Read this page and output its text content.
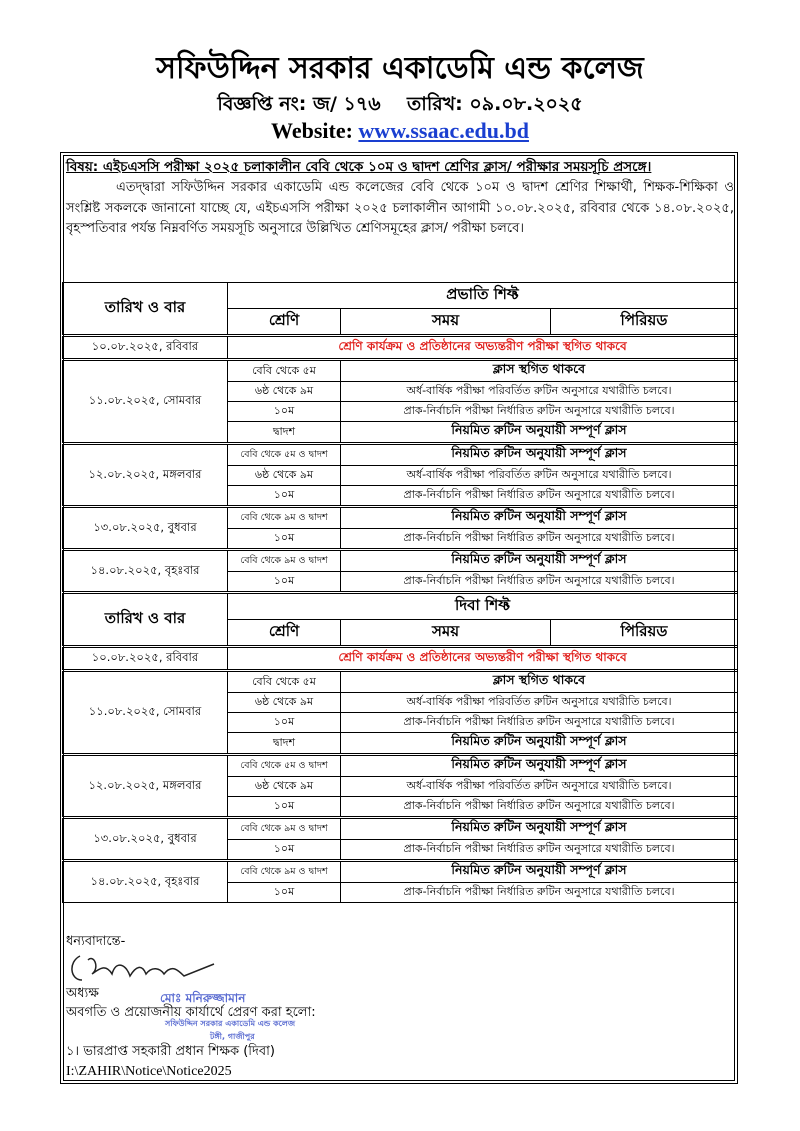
সফিউদ্দিন সরকার একাডেমি এন্ড কলেজ
বিজ্ঞপ্তি নং: জ/ ১৭৬ তারিখ: ০৯.০৮.২০২৫
Website: www.ssaac.edu.bd
বিষয়: এইচএসসি পরীক্ষা ২০২৫ চলাকালীন বেবি থেকে ১০ম ও দ্বাদশ শ্রেণির ক্লাস/ পরীক্ষার সময়সূচি প্রসঙ্গে।
এতদ্দ্বারা সফিউদ্দিন সরকার একাডেমি এন্ড কলেজের বেবি থেকে ১০ম ও দ্বাদশ শ্রেণির শিক্ষার্থী, শিক্ষক-শিক্ষিকা ও সংশ্লিষ্ট সকলকে জানানো যাচ্ছে যে, এইচএসসি পরীক্ষা ২০২৫ চলাকালীন আগামী ১০.০৮.২০২৫, রবিবার থেকে ১৪.০৮.২০২৫, বৃহস্পতিবার পর্যন্ত নিম্নবর্ণিত সময়সূচি অনুসারে উল্লিখিত শ্রেণিসমূহের ক্লাস/ পরীক্ষা চলবে।
তারিখ ও বার	প্রভাতি শিফ্ট		
	শ্রেণি	সময়	পিরিয়ড
১০.০৮.২০২৫, রবিবার	শ্রেণি কার্যক্রম ও প্রতিষ্ঠানের অভ্যন্তরীণ পরীক্ষা স্থগিত থাকবে		
১১.০৮.২০২৫, সোমবার	বেবি থেকে ৫ম	ক্লাস স্থগিত থাকবে	
	৬ষ্ঠ থেকে ৯ম	অর্ধ-বার্ষিক পরীক্ষা পরিবর্তিত রুটিন অনুসারে যথারীতি চলবে।	
	১০ম	প্রাক-নির্বাচনি পরীক্ষা নির্ধারিত রুটিন অনুসারে যথারীতি চলবে।	
	দ্বাদশ	নিয়মিত রুটিন অনুযায়ী সম্পূর্ণ ক্লাস	
১২.০৮.২০২৫, মঙ্গলবার	বেবি থেকে ৫ম ও দ্বাদশ	নিয়মিত রুটিন অনুযায়ী সম্পূর্ণ ক্লাস	
	৬ষ্ঠ থেকে ৯ম	অর্ধ-বার্ষিক পরীক্ষা পরিবর্তিত রুটিন অনুসারে যথারীতি চলবে।	
	১০ম	প্রাক-নির্বাচনি পরীক্ষা নির্ধারিত রুটিন অনুসারে যথারীতি চলবে।	
১৩.০৮.২০২৫, বুধবার	বেবি থেকে ৯ম ও দ্বাদশ	নিয়মিত রুটিন অনুযায়ী সম্পূর্ণ ক্লাস	
	১০ম	প্রাক-নির্বাচনি পরীক্ষা নির্ধারিত রুটিন অনুসারে যথারীতি চলবে।	
১৪.০৮.২০২৫, বৃহঃবার	বেবি থেকে ৯ম ও দ্বাদশ	নিয়মিত রুটিন অনুযায়ী সম্পূর্ণ ক্লাস	
	১০ম	প্রাক-নির্বাচনি পরীক্ষা নির্ধারিত রুটিন অনুসারে যথারীতি চলবে।	
তারিখ ও বার	দিবা শিফ্ট		
	শ্রেণি	সময়	পিরিয়ড
১০.০৮.২০২৫, রবিবার	শ্রেণি কার্যক্রম ও প্রতিষ্ঠানের অভ্যন্তরীণ পরীক্ষা স্থগিত থাকবে		
১১.০৮.২০২৫, সোমবার	বেবি থেকে ৫ম	ক্লাস স্থগিত থাকবে	
	৬ষ্ঠ থেকে ৯ম	অর্ধ-বার্ষিক পরীক্ষা পরিবর্তিত রুটিন অনুসারে যথারীতি চলবে।	
	১০ম	প্রাক-নির্বাচনি পরীক্ষা নির্ধারিত রুটিন অনুসারে যথারীতি চলবে।	
	দ্বাদশ	নিয়মিত রুটিন অনুযায়ী সম্পূর্ণ ক্লাস	
১২.০৮.২০২৫, মঙ্গলবার	বেবি থেকে ৫ম ও দ্বাদশ	নিয়মিত রুটিন অনুযায়ী সম্পূর্ণ ক্লাস	
	৬ষ্ঠ থেকে ৯ম	অর্ধ-বার্ষিক পরীক্ষা পরিবর্তিত রুটিন অনুসারে যথারীতি চলবে।	
	১০ম	প্রাক-নির্বাচনি পরীক্ষা নির্ধারিত রুটিন অনুসারে যথারীতি চলবে।	
১৩.০৮.২০২৫, বুধবার	বেবি থেকে ৯ম ও দ্বাদশ	নিয়মিত রুটিন অনুযায়ী সম্পূর্ণ ক্লাস	
	১০ম	প্রাক-নির্বাচনি পরীক্ষা নির্ধারিত রুটিন অনুসারে যথারীতি চলবে।	
১৪.০৮.২০২৫, বৃহঃবার	বেবি থেকে ৯ম ও দ্বাদশ	নিয়মিত রুটিন অনুযায়ী সম্পূর্ণ ক্লাস	
	১০ম	প্রাক-নির্বাচনি পরীক্ষা নির্ধারিত রুটিন অনুসারে যথারীতি চলবে।	
ধন্যবাদান্তে-
অধ্যক্ষ	মোঃ মনিরুজ্জামান
অবগতি ও প্রয়োজনীয় কার্যার্থে প্রেরণ করা হলো:
সফিউদ্দিন সরকার একাডেমি এন্ড কলেজ
টঙ্গী, গাজীপুর
১। ভারপ্রাপ্ত সহকারী প্রধান শিক্ষক (দিবা)
I:\ZAHIR\Notice\Notice2025
